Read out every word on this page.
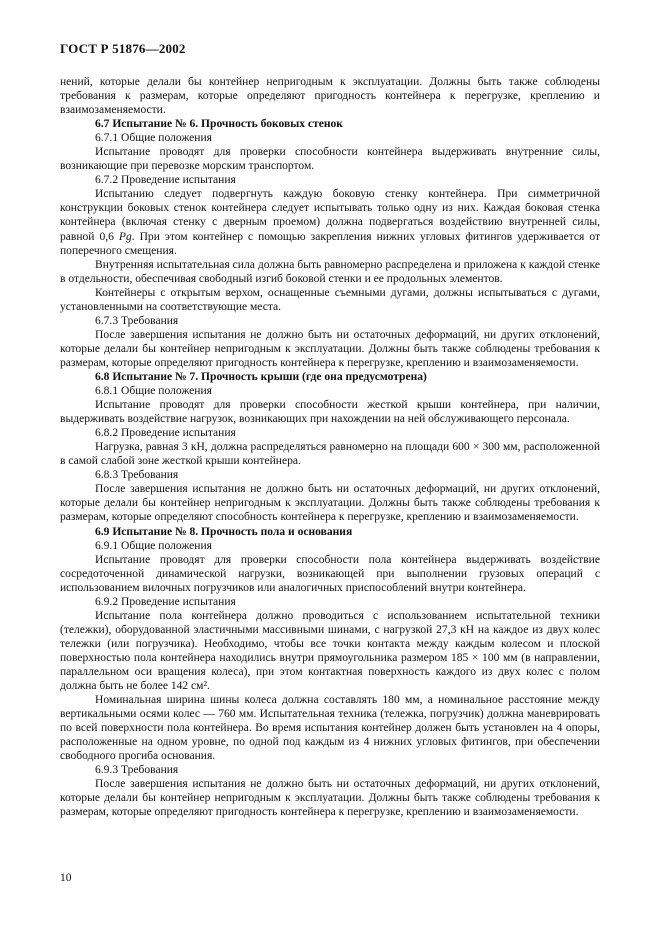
ГОСТ Р 51876—2002

нений, которые делали бы контейнер непригодным к эксплуатации. Должны быть также соблюдены требования к размерам, которые определяют пригодность контейнера к перегрузке, креплению и взаимозаменяемости.

6.7 Испытание № 6. Прочность боковых стенок

6.7.1 Общие положения

Испытание проводят для проверки способности контейнера выдерживать внутренние силы, возникающие при перевозке морским транспортом.

6.7.2 Проведение испытания

Испытанию следует подвергнуть каждую боковую стенку контейнера. При симметричной конструкции боковых стенок контейнера следует испытывать только одну из них. Каждая боковая стенка контейнера (включая стенку с дверным проемом) должна подвергаться воздействию внутренней силы, равной 0,6 Pg. При этом контейнер с помощью закрепления нижних угловых фитингов удерживается от поперечного смещения.

Внутренняя испытательная сила должна быть равномерно распределена и приложена к каждой стенке в отдельности, обеспечивая свободный изгиб боковой стенки и ее продольных элементов.

Контейнеры с открытым верхом, оснащенные съемными дугами, должны испытываться с дугами, установленными на соответствующие места.

6.7.3 Требования

После завершения испытания не должно быть ни остаточных деформаций, ни других отклонений, которые делали бы контейнер непригодным к эксплуатации. Должны быть также соблюдены требования к размерам, которые определяют пригодность контейнера к перегрузке, креплению и взаимозаменяемости.

6.8 Испытание № 7. Прочность крыши (где она предусмотрена)

6.8.1 Общие положения

Испытание проводят для проверки способности жесткой крыши контейнера, при наличии, выдерживать воздействие нагрузок, возникающих при нахождении на ней обслуживающего персонала.

6.8.2 Проведение испытания

Нагрузка, равная 3 кН, должна распределяться равномерно на площади 600 × 300 мм, расположенной в самой слабой зоне жесткой крыши контейнера.

6.8.3 Требования

После завершения испытания не должно быть ни остаточных деформаций, ни других отклонений, которые делали бы контейнер непригодным к эксплуатации. Должны быть также соблюдены требования к размерам, которые определяют способность контейнера к перегрузке, креплению и взаимозаменяемости.

6.9 Испытание № 8. Прочность пола и основания

6.9.1 Общие положения

Испытание проводят для проверки способности пола контейнера выдерживать воздействие сосредоточенной динамической нагрузки, возникающей при выполнении грузовых операций с использованием вилочных погрузчиков или аналогичных приспособлений внутри контейнера.

6.9.2 Проведение испытания

Испытание пола контейнера должно проводиться с использованием испытательной техники (тележки), оборудованной эластичными массивными шинами, с нагрузкой 27,3 кН на каждое из двух колес тележки (или погрузчика). Необходимо, чтобы все точки контакта между каждым колесом и плоской поверхностью пола контейнера находились внутри прямоугольника размером 185 × 100 мм (в направлении, параллельном оси вращения колеса), при этом контактная поверхность каждого из двух колес с полом должна быть не более 142 см².

Номинальная ширина шины колеса должна составлять 180 мм, а номинальное расстояние между вертикальными осями колес — 760 мм. Испытательная техника (тележка, погрузчик) должна маневрировать по всей поверхности пола контейнера. Во время испытания контейнер должен быть установлен на 4 опоры, расположенные на одном уровне, по одной под каждым из 4 нижних угловых фитингов, при обеспечении свободного прогиба основания.

6.9.3 Требования

После завершения испытания не должно быть ни остаточных деформаций, ни других отклонений, которые делали бы контейнер непригодным к эксплуатации. Должны быть также соблюдены требования к размерам, которые определяют пригодность контейнера к перегрузке, креплению и взаимозаменяемости.

10
